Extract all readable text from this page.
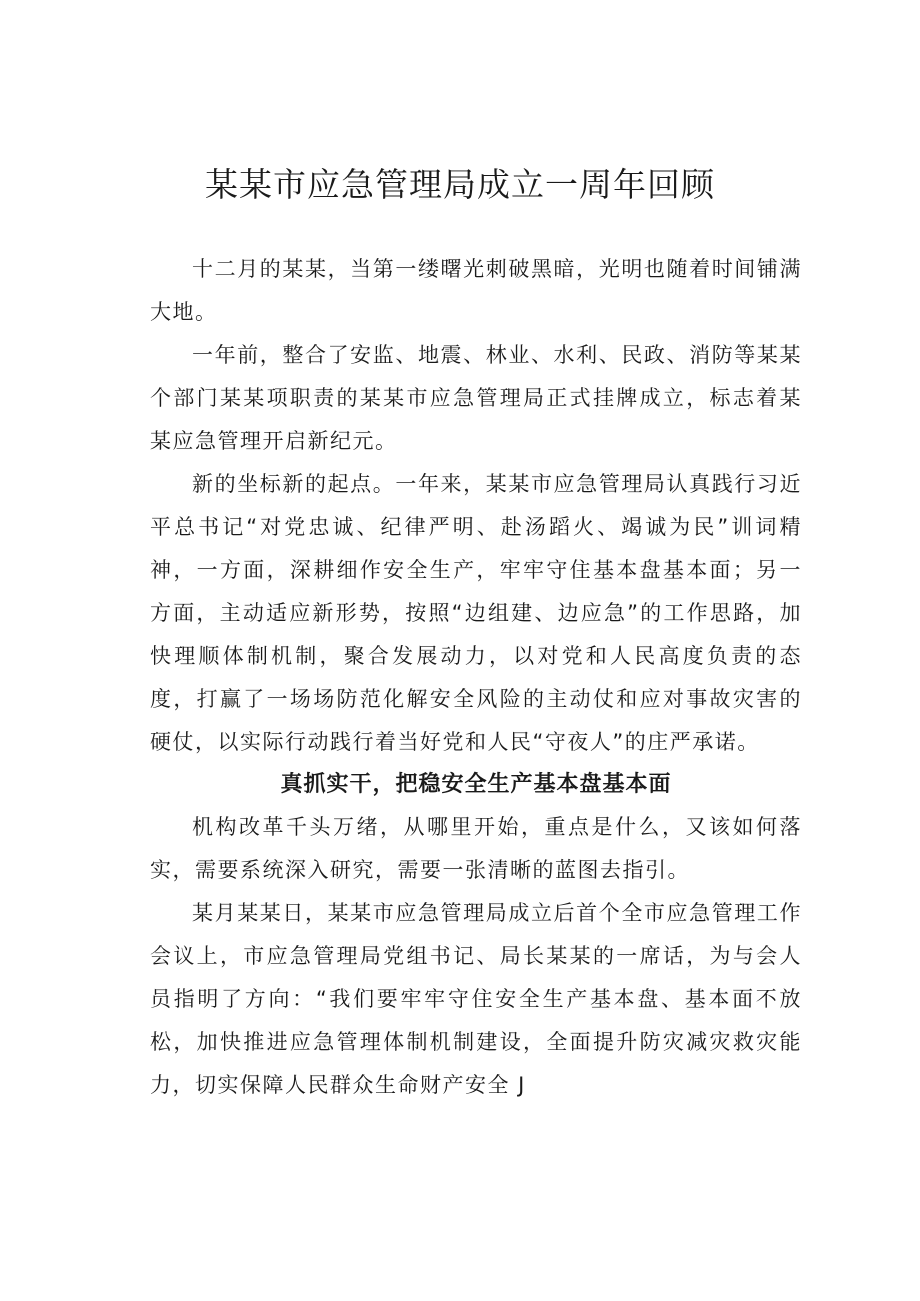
某某市应急管理局成立一周年回顾

十二月的某某，当第一缕曙光刺破黑暗，光明也随着时间铺满大地。

一年前，整合了安监、地震、林业、水利、民政、消防等某某个部门某某项职责的某某市应急管理局正式挂牌成立，标志着某某应急管理开启新纪元。

新的坐标新的起点。一年来，某某市应急管理局认真践行习近平总书记“对党忠诚、纪律严明、赴汤蹈火、竭诚为民”训词精神，一方面，深耕细作安全生产，牢牢守住基本盘基本面；另一方面，主动适应新形势，按照“边组建、边应急”的工作思路，加快理顺体制机制，聚合发展动力，以对党和人民高度负责的态度，打赢了一场场防范化解安全风险的主动仗和应对事故灾害的硬仗，以实际行动践行着当好党和人民“守夜人”的庄严承诺。

真抓实干，把稳安全生产基本盘基本面

机构改革千头万绪，从哪里开始，重点是什么，又该如何落实，需要系统深入研究，需要一张清晰的蓝图去指引。

某月某某日，某某市应急管理局成立后首个全市应急管理工作会议上，市应急管理局党组书记、局长某某的一席话，为与会人员指明了方向：“我们要牢牢守住安全生产基本盘、基本面不放松，加快推进应急管理体制机制建设，全面提升防灾减灾救灾能力，切实保障人民群众生命财产安全 J
